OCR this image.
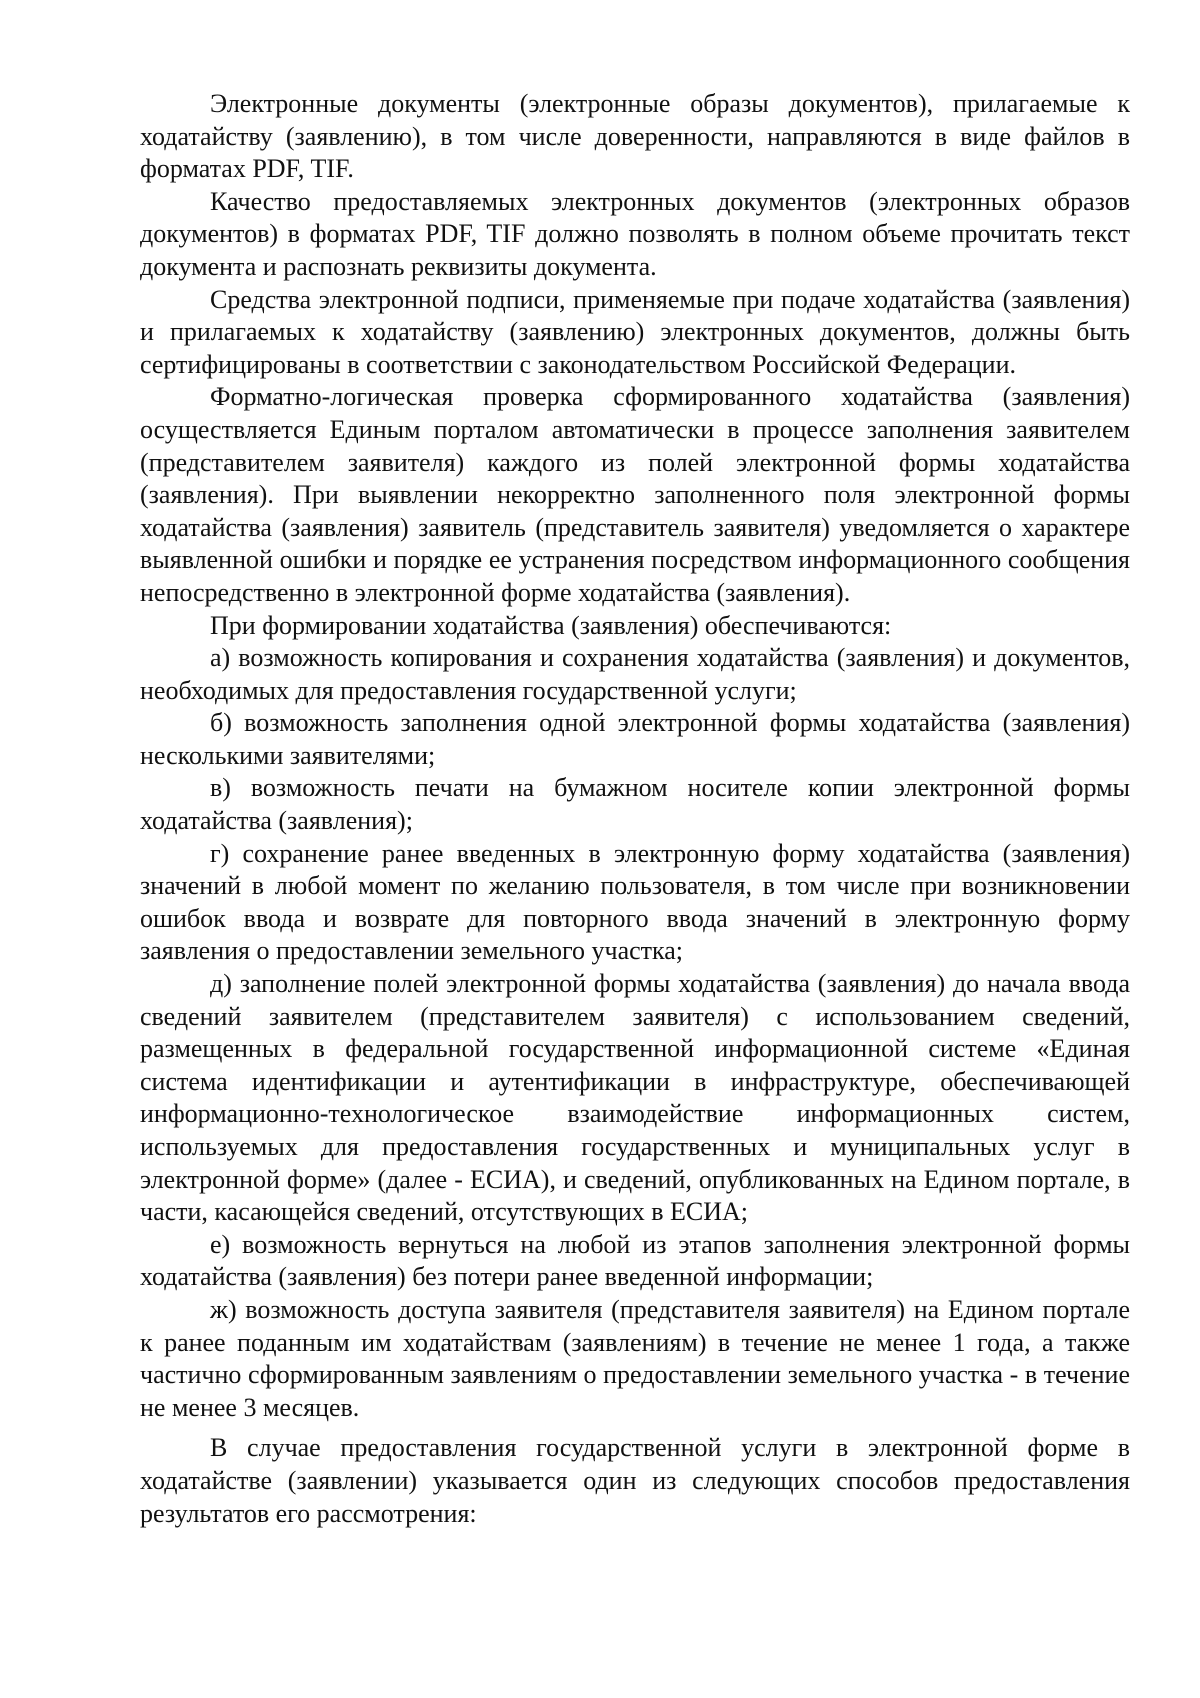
Электронные документы (электронные образы документов), прилагаемые к ходатайству (заявлению), в том числе доверенности, направляются в виде файлов в форматах PDF, TIF.

Качество предоставляемых электронных документов (электронных образов документов) в форматах PDF, TIF должно позволять в полном объеме прочитать текст документа и распознать реквизиты документа.

Средства электронной подписи, применяемые при подаче ходатайства (заявления) и прилагаемых к ходатайству (заявлению) электронных документов, должны быть сертифицированы в соответствии с законодательством Российской Федерации.

Форматно-логическая проверка сформированного ходатайства (заявления) осуществляется Единым порталом автоматически в процессе заполнения заявителем (представителем заявителя) каждого из полей электронной формы ходатайства (заявления). При выявлении некорректно заполненного поля электронной формы ходатайства (заявления) заявитель (представитель заявителя) уведомляется о характере выявленной ошибки и порядке ее устранения посредством информационного сообщения непосредственно в электронной форме ходатайства (заявления).

При формировании ходатайства (заявления) обеспечиваются:

а) возможность копирования и сохранения ходатайства (заявления) и документов, необходимых для предоставления государственной услуги;

б) возможность заполнения одной электронной формы ходатайства (заявления) несколькими заявителями;

в) возможность печати на бумажном носителе копии электронной формы ходатайства (заявления);

г) сохранение ранее введенных в электронную форму ходатайства (заявления) значений в любой момент по желанию пользователя, в том числе при возникновении ошибок ввода и возврате для повторного ввода значений в электронную форму заявления о предоставлении земельного участка;

д) заполнение полей электронной формы ходатайства (заявления) до начала ввода сведений заявителем (представителем заявителя) с использованием сведений, размещенных в федеральной государственной информационной системе «Единая система идентификации и аутентификации в инфраструктуре, обеспечивающей информационно-технологическое взаимодействие информационных систем, используемых для предоставления государственных и муниципальных услуг в электронной форме» (далее - ЕСИА), и сведений, опубликованных на Едином портале, в части, касающейся сведений, отсутствующих в ЕСИА;

е) возможность вернуться на любой из этапов заполнения электронной формы ходатайства (заявления) без потери ранее введенной информации;

ж) возможность доступа заявителя (представителя заявителя) на Едином портале к ранее поданным им ходатайствам (заявлениям) в течение не менее 1 года, а также частично сформированным заявлениям о предоставлении земельного участка - в течение не менее 3 месяцев.

В случае предоставления государственной услуги в электронной форме в ходатайстве (заявлении) указывается один из следующих способов предоставления результатов его рассмотрения:
